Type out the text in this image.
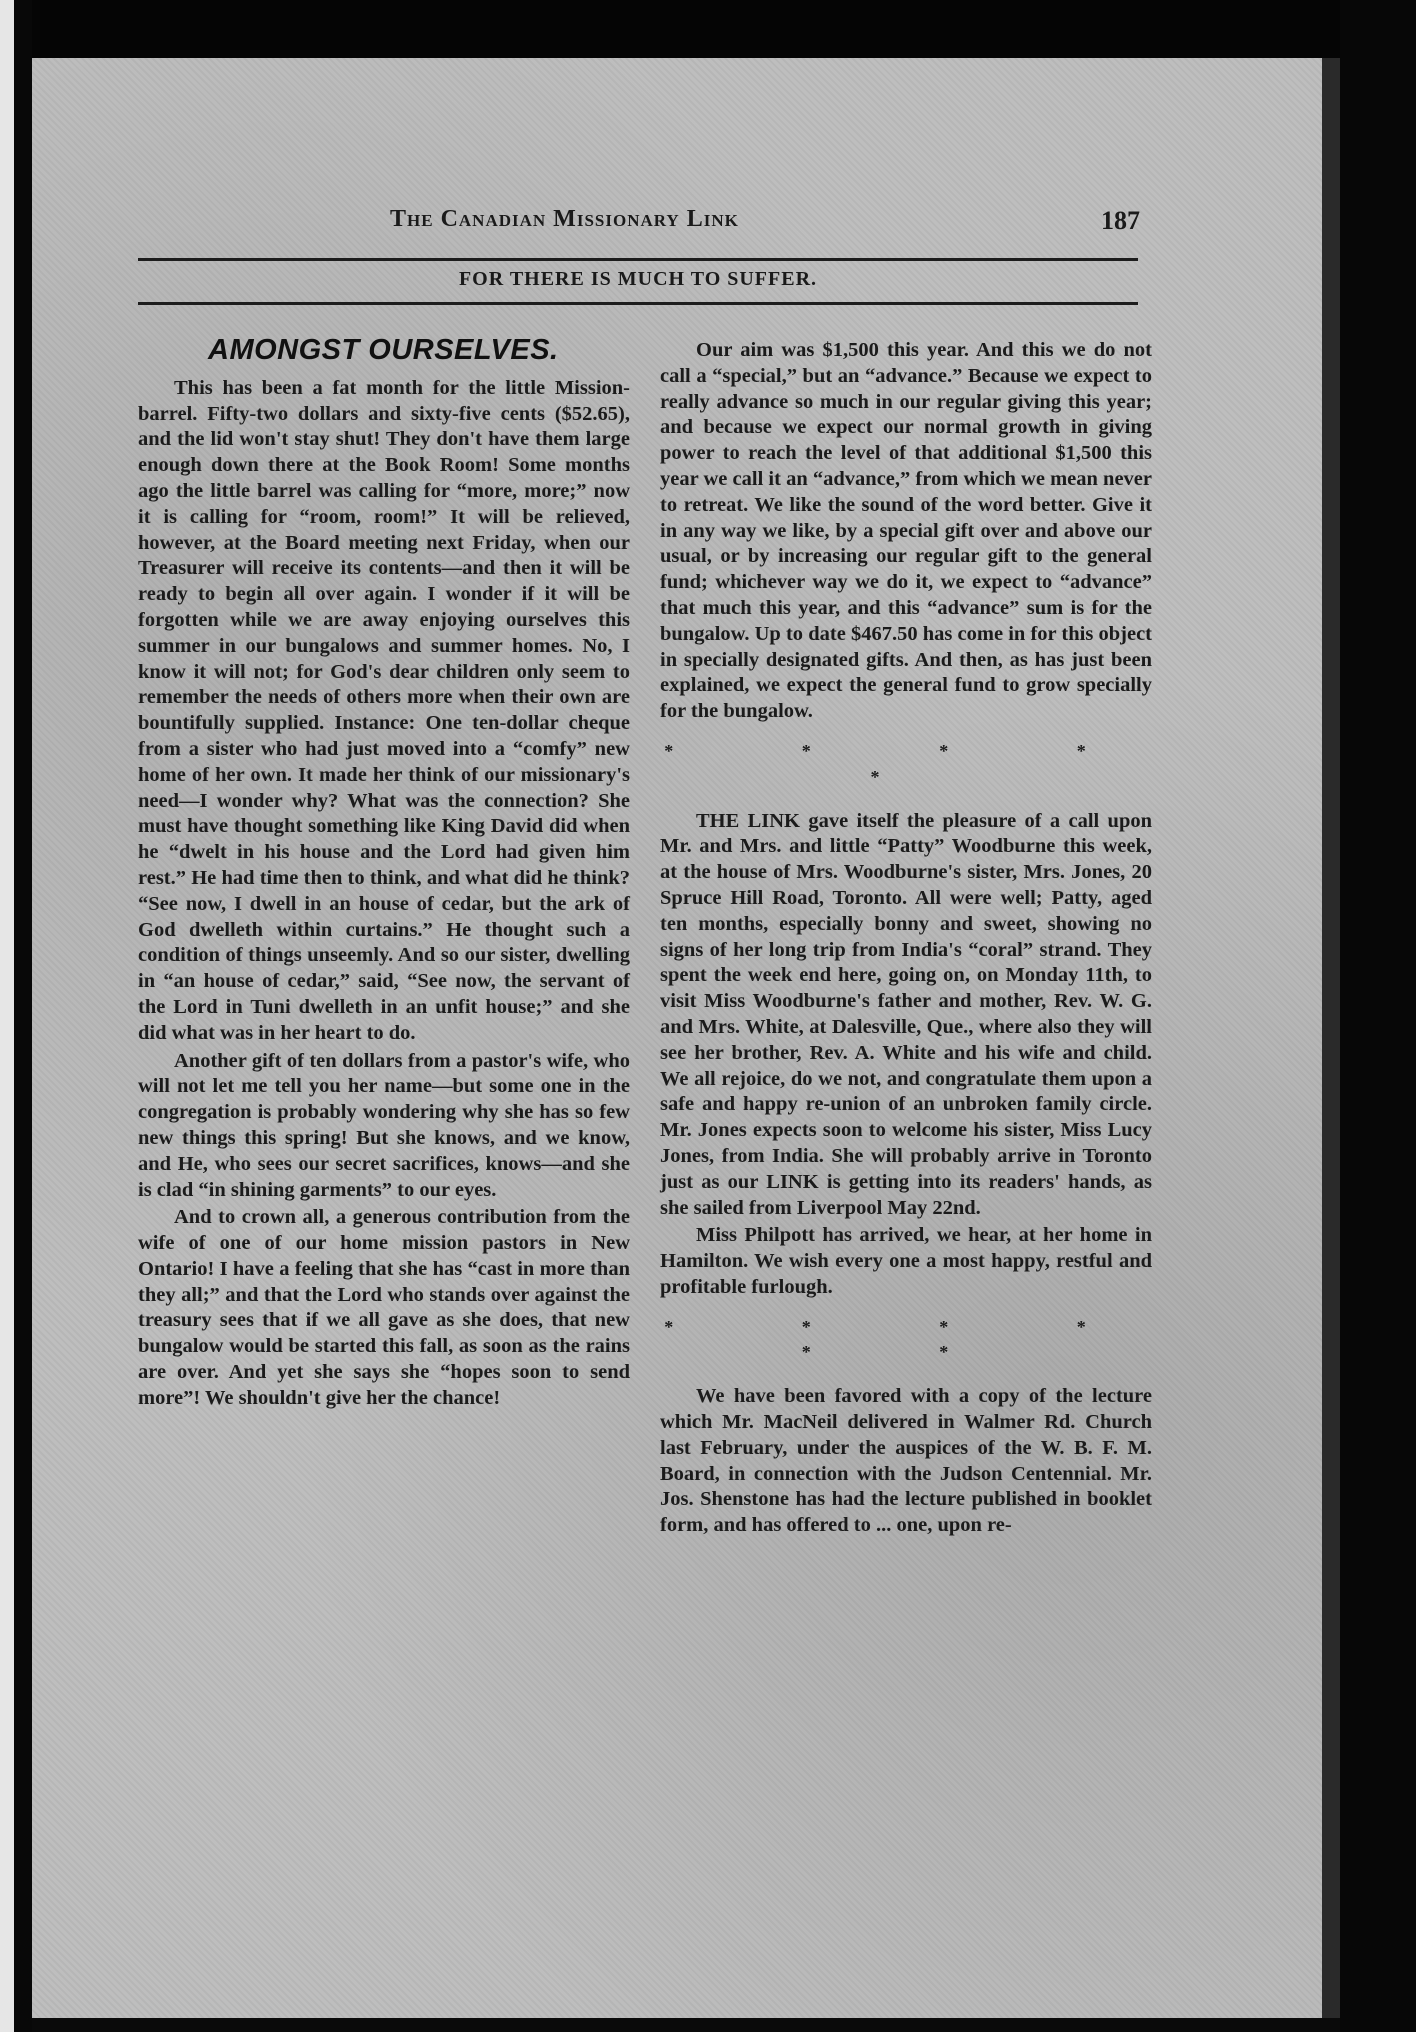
The Canadian Missionary Link	187
FOR THERE IS MUCH TO SUFFER.
AMONGST OURSELVES.

This has been a fat month for the little Mission-barrel. Fifty-two dollars and sixty-five cents ($52.65), and the lid won't stay shut! They don't have them large enough down there at the Book Room! Some months ago the little barrel was calling for “more, more;” now it is calling for “room, room!” It will be relieved, however, at the Board meeting next Friday, when our Treasurer will receive its contents—and then it will be ready to begin all over again. I wonder if it will be forgotten while we are away enjoying ourselves this summer in our bungalows and summer homes. No, I know it will not; for God's dear children only seem to remember the needs of others more when their own are bountifully supplied. Instance: One ten-dollar cheque from a sister who had just moved into a “comfy” new home of her own. It made her think of our missionary's need—I wonder why? What was the connection? She must have thought something like King David did when he “dwelt in his house and the Lord had given him rest.” He had time then to think, and what did he think? “See now, I dwell in an house of cedar, but the ark of God dwelleth within curtains.” He thought such a condition of things unseemly. And so our sister, dwelling in “an house of cedar,” said, “See now, the servant of the Lord in Tuni dwelleth in an unfit house;” and she did what was in her heart to do.

Another gift of ten dollars from a pastor's wife, who will not let me tell you her name—but some one in the congregation is probably wondering why she has so few new things this spring! But she knows, and we know, and He, who sees our secret sacrifices, knows—and she is clad “in shining garments” to our eyes.

And to crown all, a generous contribution from the wife of one of our home mission pastors in New Ontario! I have a feeling that she has “cast in more than they all;” and that the Lord who stands over against the treasury sees that if we all gave as she does, that new bungalow would be started this fall, as soon as the rains are over. And yet she says she “hopes soon to send more”! We shouldn't give her the chance!

Our aim was $1,500 this year. And this we do not call a “special,” but an “advance.” Because we expect to really advance so much in our regular giving this year; and because we expect our normal growth in giving power to reach the level of that additional $1,500 this year we call it an “advance,” from which we mean never to retreat. We like the sound of the word better. Give it in any way we like, by a special gift over and above our usual, or by increasing our regular gift to the general fund; whichever way we do it, we expect to “advance” that much this year, and this “advance” sum is for the bungalow. Up to date $467.50 has come in for this object in specially designated gifts. And then, as has just been explained, we expect the general fund to grow specially for the bungalow.

* * * * *

THE LINK gave itself the pleasure of a call upon Mr. and Mrs. and little “Patty” Woodburne this week, at the house of Mrs. Woodburne's sister, Mrs. Jones, 20 Spruce Hill Road, Toronto. All were well; Patty, aged ten months, especially bonny and sweet, showing no signs of her long trip from India's “coral” strand. They spent the week end here, going on, on Monday 11th, to visit Miss Woodburne's father and mother, Rev. W. G. and Mrs. White, at Dalesville, Que., where also they will see her brother, Rev. A. White and his wife and child. We all rejoice, do we not, and congratulate them upon a safe and happy re-union of an unbroken family circle. Mr. Jones expects soon to welcome his sister, Miss Lucy Jones, from India. She will probably arrive in Toronto just as our LINK is getting into its readers' hands, as she sailed from Liverpool May 22nd.

Miss Philpott has arrived, we hear, at her home in Hamilton. We wish every one a most happy, restful and profitable furlough.

* * * * * *

We have been favored with a copy of the lecture which Mr. MacNeil delivered in Walmer Rd. Church last February, under the auspices of the W. B. F. M. Board, in connection with the Judson Centennial. Mr. Jos. Shenstone has had the lecture published in booklet form, and has offered to ... one, upon re-
